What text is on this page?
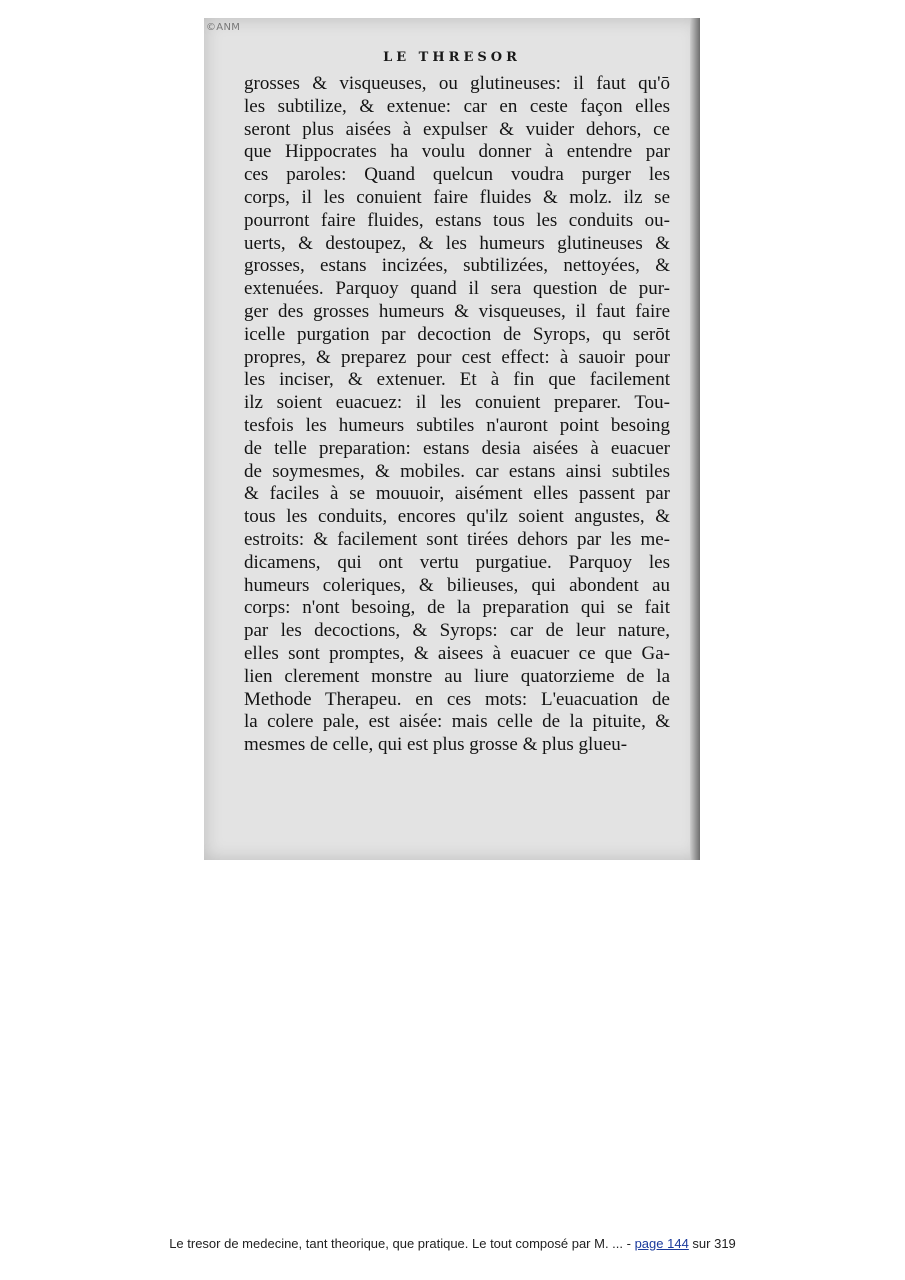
©ANM
LE THRESOR
grosses & visqueuses, ou glutineuses: il faut qu'ō
les subtilize, & extenue: car en ceste façon elles
seront plus aisées à expulser & vuider dehors, ce
que Hippocrates ha voulu donner à entendre par
ces paroles: Quand quelcun voudra purger les
corps, il les conuient faire fluides & molz. ilz se
pourront faire fluides, estans tous les conduits ou-
uerts, & destoupez, & les humeurs glutineuses &
grosses, estans incizées, subtilizées, nettoyées, &
extenuées. Parquoy quand il sera question de pur-
ger des grosses humeurs & visqueuses, il faut faire
icelle purgation par decoction de Syrops, qu serōt
propres, & preparez pour cest effect: à sauoir pour
les inciser, & extenuer. Et à fin que facilement
ilz soient euacuez: il les conuient preparer. Tou-
tesfois les humeurs subtiles n'auront point besoing
de telle preparation: estans desia aisées à euacuer
de soymesmes, & mobiles. car estans ainsi subtiles
& faciles à se mouuoir, aisément elles passent par
tous les conduits, encores qu'ilz soient angustes, &
estroits: & facilement sont tirées dehors par les me-
dicamens, qui ont vertu purgatiue. Parquoy les
humeurs coleriques, & bilieuses, qui abondent au
corps: n'ont besoing, de la preparation qui se fait
par les decoctions, & Syrops: car de leur nature,
elles sont promptes, & aisees à euacuer ce que Ga-
lien clerement monstre au liure quatorzieme de la
Methode Therapeu. en ces mots: L'euacuation de
la colere pale, est aisée: mais celle de la pituite, &
mesmes de celle, qui est plus grosse & plus glueu-
Le tresor de medecine, tant theorique, que pratique. Le tout composé par M. ... - page 144 sur 319
